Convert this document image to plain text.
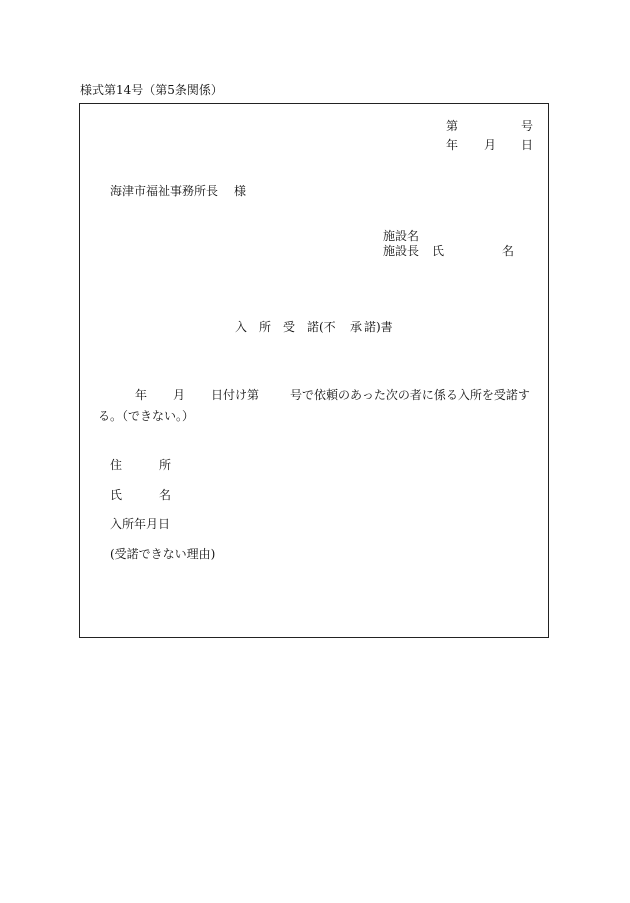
様式第14号（第5条関係）
第	号
年 月 日
海津市福祉事務所長 様
施設名
施設長 氏	名
入 所 受 諾(不 承 諾)書
年 月 日付け第	号で依頼のあった次の者に係る入所を受諾す
る。（できない。）
住	所
氏	名
入所年月日
(受諾できない理由)
